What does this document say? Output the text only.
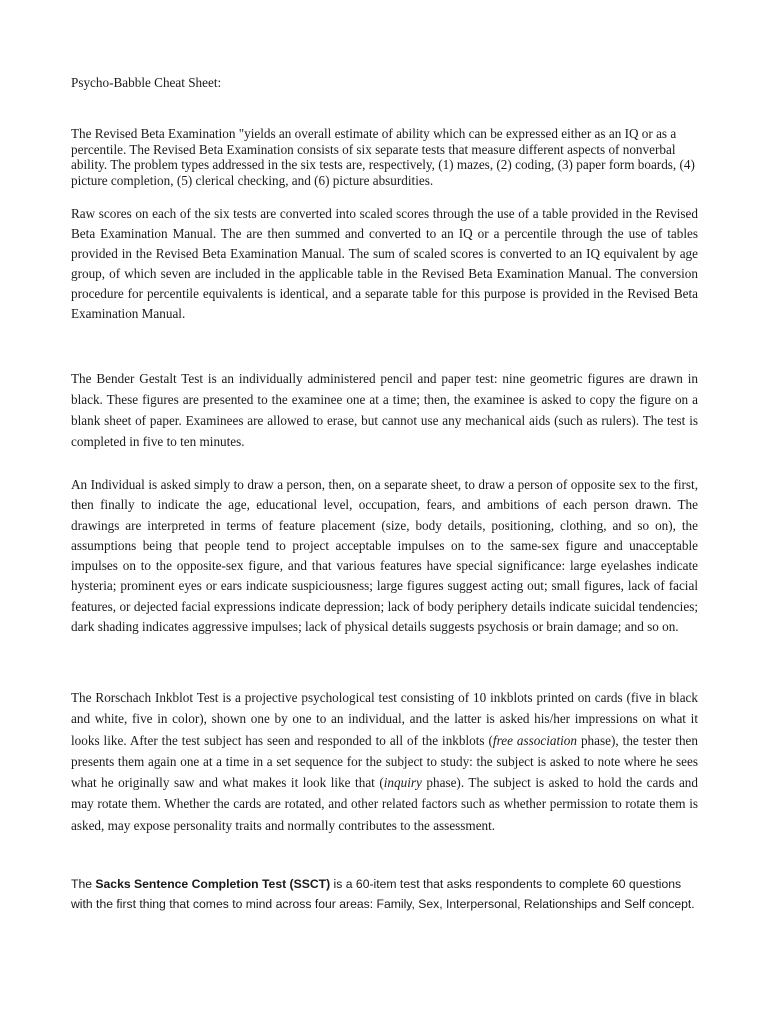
Psycho-Babble Cheat Sheet:

The Revised Beta Examination "yields an overall estimate of ability which can be expressed either as an IQ or as a percentile. The Revised Beta Examination consists of six separate tests that measure different aspects of nonverbal ability. The problem types addressed in the six tests are, respectively, (1) mazes, (2) coding, (3) paper form boards, (4) picture completion, (5) clerical checking, and (6) picture absurdities.

Raw scores on each of the six tests are converted into scaled scores through the use of a table provided in the Revised Beta Examination Manual. The are then summed and converted to an IQ or a percentile through the use of tables provided in the Revised Beta Examination Manual. The sum of scaled scores is converted to an IQ equivalent by age group, of which seven are included in the applicable table in the Revised Beta Examination Manual. The conversion procedure for percentile equivalents is identical, and a separate table for this purpose is provided in the Revised Beta Examination Manual.

The Bender Gestalt Test is an individually administered pencil and paper test: nine geometric figures are drawn in black. These figures are presented to the examinee one at a time; then, the examinee is asked to copy the figure on a blank sheet of paper. Examinees are allowed to erase, but cannot use any mechanical aids (such as rulers). The test is completed in five to ten minutes.

An Individual is asked simply to draw a person, then, on a separate sheet, to draw a person of opposite sex to the first, then finally to indicate the age, educational level, occupation, fears, and ambitions of each person drawn. The drawings are interpreted in terms of feature placement (size, body details, positioning, clothing, and so on), the assumptions being that people tend to project acceptable impulses on to the same-sex figure and unacceptable impulses on to the opposite-sex figure, and that various features have special significance: large eyelashes indicate hysteria; prominent eyes or ears indicate suspiciousness; large figures suggest acting out; small figures, lack of facial features, or dejected facial expressions indicate depression; lack of body periphery details indicate suicidal tendencies; dark shading indicates aggressive impulses; lack of physical details suggests psychosis or brain damage; and so on.

The Rorschach Inkblot Test is a projective psychological test consisting of 10 inkblots printed on cards (five in black and white, five in color), shown one by one to an individual, and the latter is asked his/her impressions on what it looks like. After the test subject has seen and responded to all of the inkblots (free association phase), the tester then presents them again one at a time in a set sequence for the subject to study: the subject is asked to note where he sees what he originally saw and what makes it look like that (inquiry phase). The subject is asked to hold the cards and may rotate them. Whether the cards are rotated, and other related factors such as whether permission to rotate them is asked, may expose personality traits and normally contributes to the assessment.

The Sacks Sentence Completion Test (SSCT) is a 60-item test that asks respondents to complete 60 questions with the first thing that comes to mind across four areas: Family, Sex, Interpersonal, Relationships and Self concept.
